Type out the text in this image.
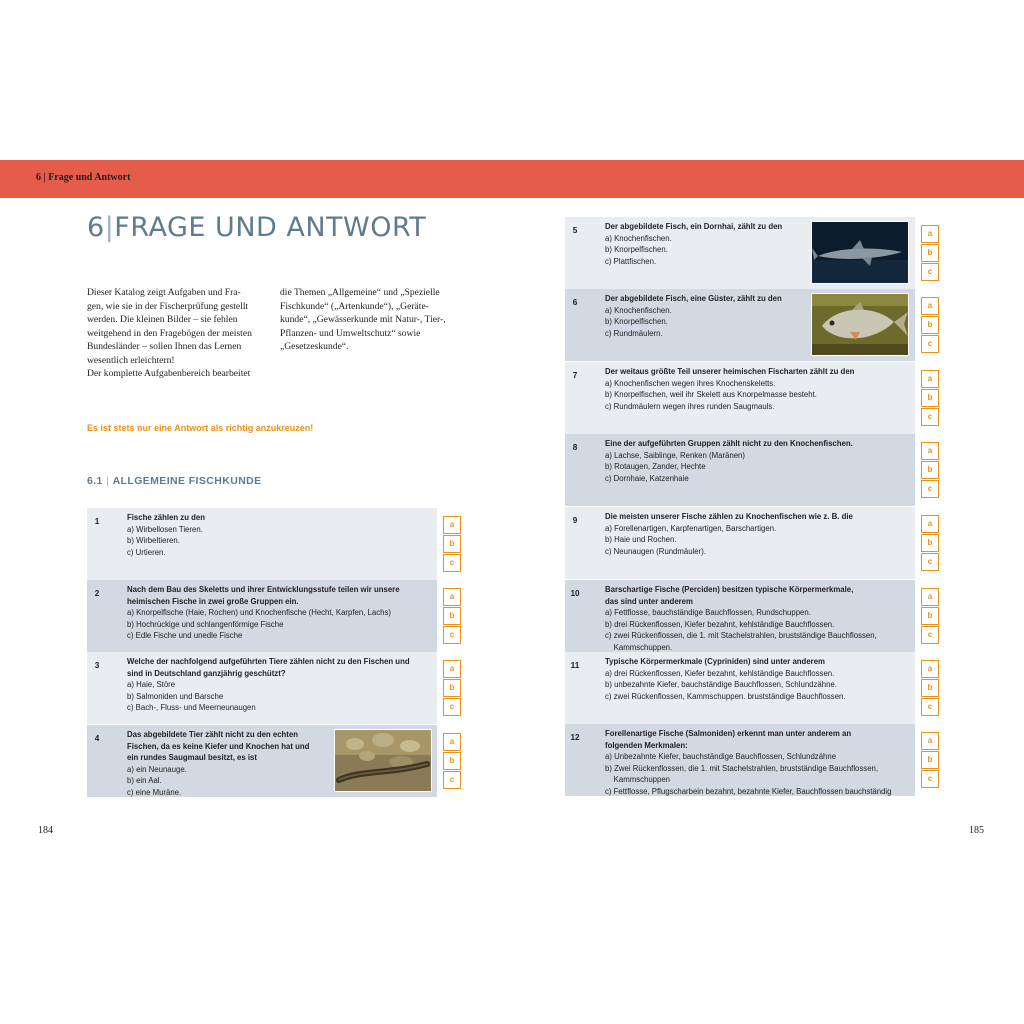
6 | Frage und Antwort
6|FRAGE UND ANTWORT

Dieser Katalog zeigt Aufgaben und Fra-

gen, wie sie in der Fischerprüfung gestellt

werden. Die kleinen Bilder – sie fehlen

weitgehend in den Fragebögen der meisten

Bundesländer – sollen Ihnen das Lernen

wesentlich erleichtern!

Der komplette Aufgabenbereich bearbeitet

die Themen „Allgemeine“ und „Spezielle

Fischkunde“ („Artenkunde“), „Geräte-

kunde“, „Gewässerkunde mit Natur-, Tier-,

Pflanzen- und Umweltschutz“ sowie

„Gesetzeskunde“.

Es ist stets nur eine Antwort als richtig anzukreuzen!
6.1 | ALLGEMEINE FISCHKUNDE
1	Fische zählen zu den
a) Wirbellosen Tieren.
b) Wirbeltieren.
c) Urtieren.
a
b
c
2	Nach dem Bau des Skeletts und ihrer Entwicklungsstufe teilen wir unsere
heimischen Fische in zwei große Gruppen ein.
a) Knorpelfische (Haie, Rochen) und Knochenfische (Hecht, Karpfen, Lachs)
b) Hochrückige und schlangenförmige Fische
c) Edle Fische und unedle Fische
a
b
c
3	Welche der nachfolgend aufgeführten Tiere zählen nicht zu den Fischen und
sind in Deutschland ganzjährig geschützt?
a) Haie, Störe
b) Salmoniden und Barsche
c) Bach-, Fluss- und Meerneunaugen
a
b
c
4	Das abgebildete Tier zählt nicht zu den echten
Fischen, da es keine Kiefer und Knochen hat und
ein rundes Saugmaul besitzt, es ist
a) ein Neunauge.
b) ein Aal.
c) eine Muräne.
a
b
c
5	Der abgebildete Fisch, ein Dornhai, zählt zu den
a) Knochenfischen.
b) Knorpelfischen.
c) Plattfischen.
a
b
c
6	Der abgebildete Fisch, eine Güster, zählt zu den
a) Knochenfischen.
b) Knorpelfischen.
c) Rundmäulern.
a
b
c
7	Der weitaus größte Teil unserer heimischen Fischarten zählt zu den
a) Knochenfischen wegen ihres Knochenskeletts.
b) Knorpelfischen, weil ihr Skelett aus Knorpelmasse besteht.
c) Rundmäulern wegen ihres runden Saugmauls.
a
b
c
8	Eine der aufgeführten Gruppen zählt nicht zu den Knochenfischen.
a) Lachse, Saiblinge, Renken (Maränen)
b) Rotaugen, Zander, Hechte
c) Dornhaie, Katzenhaie
a
b
c
9	Die meisten unserer Fische zählen zu Knochenfischen wie z. B. die
a) Forellenartigen, Karpfenartigen, Barschartigen.
b) Haie und Rochen.
c) Neunaugen (Rundmäuler).
a
b
c
10	Barschartige Fische (Perciden) besitzen typische Körpermerkmale,
das sind unter anderem
a) Fettflosse, bauchständige Bauchflossen, Rundschuppen.
b) drei Rückenflossen, Kiefer bezahnt, kehlständige Bauchflossen.
c) zwei Rückenflossen, die 1. mit Stachelstrahlen, brustständige Bauchflossen,
Kammschuppen.
a
b
c
11	Typische Körpermerkmale (Cypriniden) sind unter anderem
a) drei Rückenflossen, Kiefer bezahnt, kehlständige Bauchflossen.
b) unbezahnte Kiefer, bauchständige Bauchflossen, Schlundzähne.
c) zwei Rückenflossen, Kammschuppen. brustständige Bauchflossen.
a
b
c
12	Forellenartige Fische (Salmoniden) erkennt man unter anderem an
folgenden Merkmalen:
a) Unbezahnte Kiefer, bauchständige Bauchflossen, Schlundzähne
b) Zwei Rückenflossen, die 1. mit Stachelstrahlen, brustständige Bauchflossen,
Kammschuppen
c) Fettflosse, Pflugscharbein bezahnt, bezahnte Kiefer, Bauchflossen bauchständig
a
b
c
184	185
